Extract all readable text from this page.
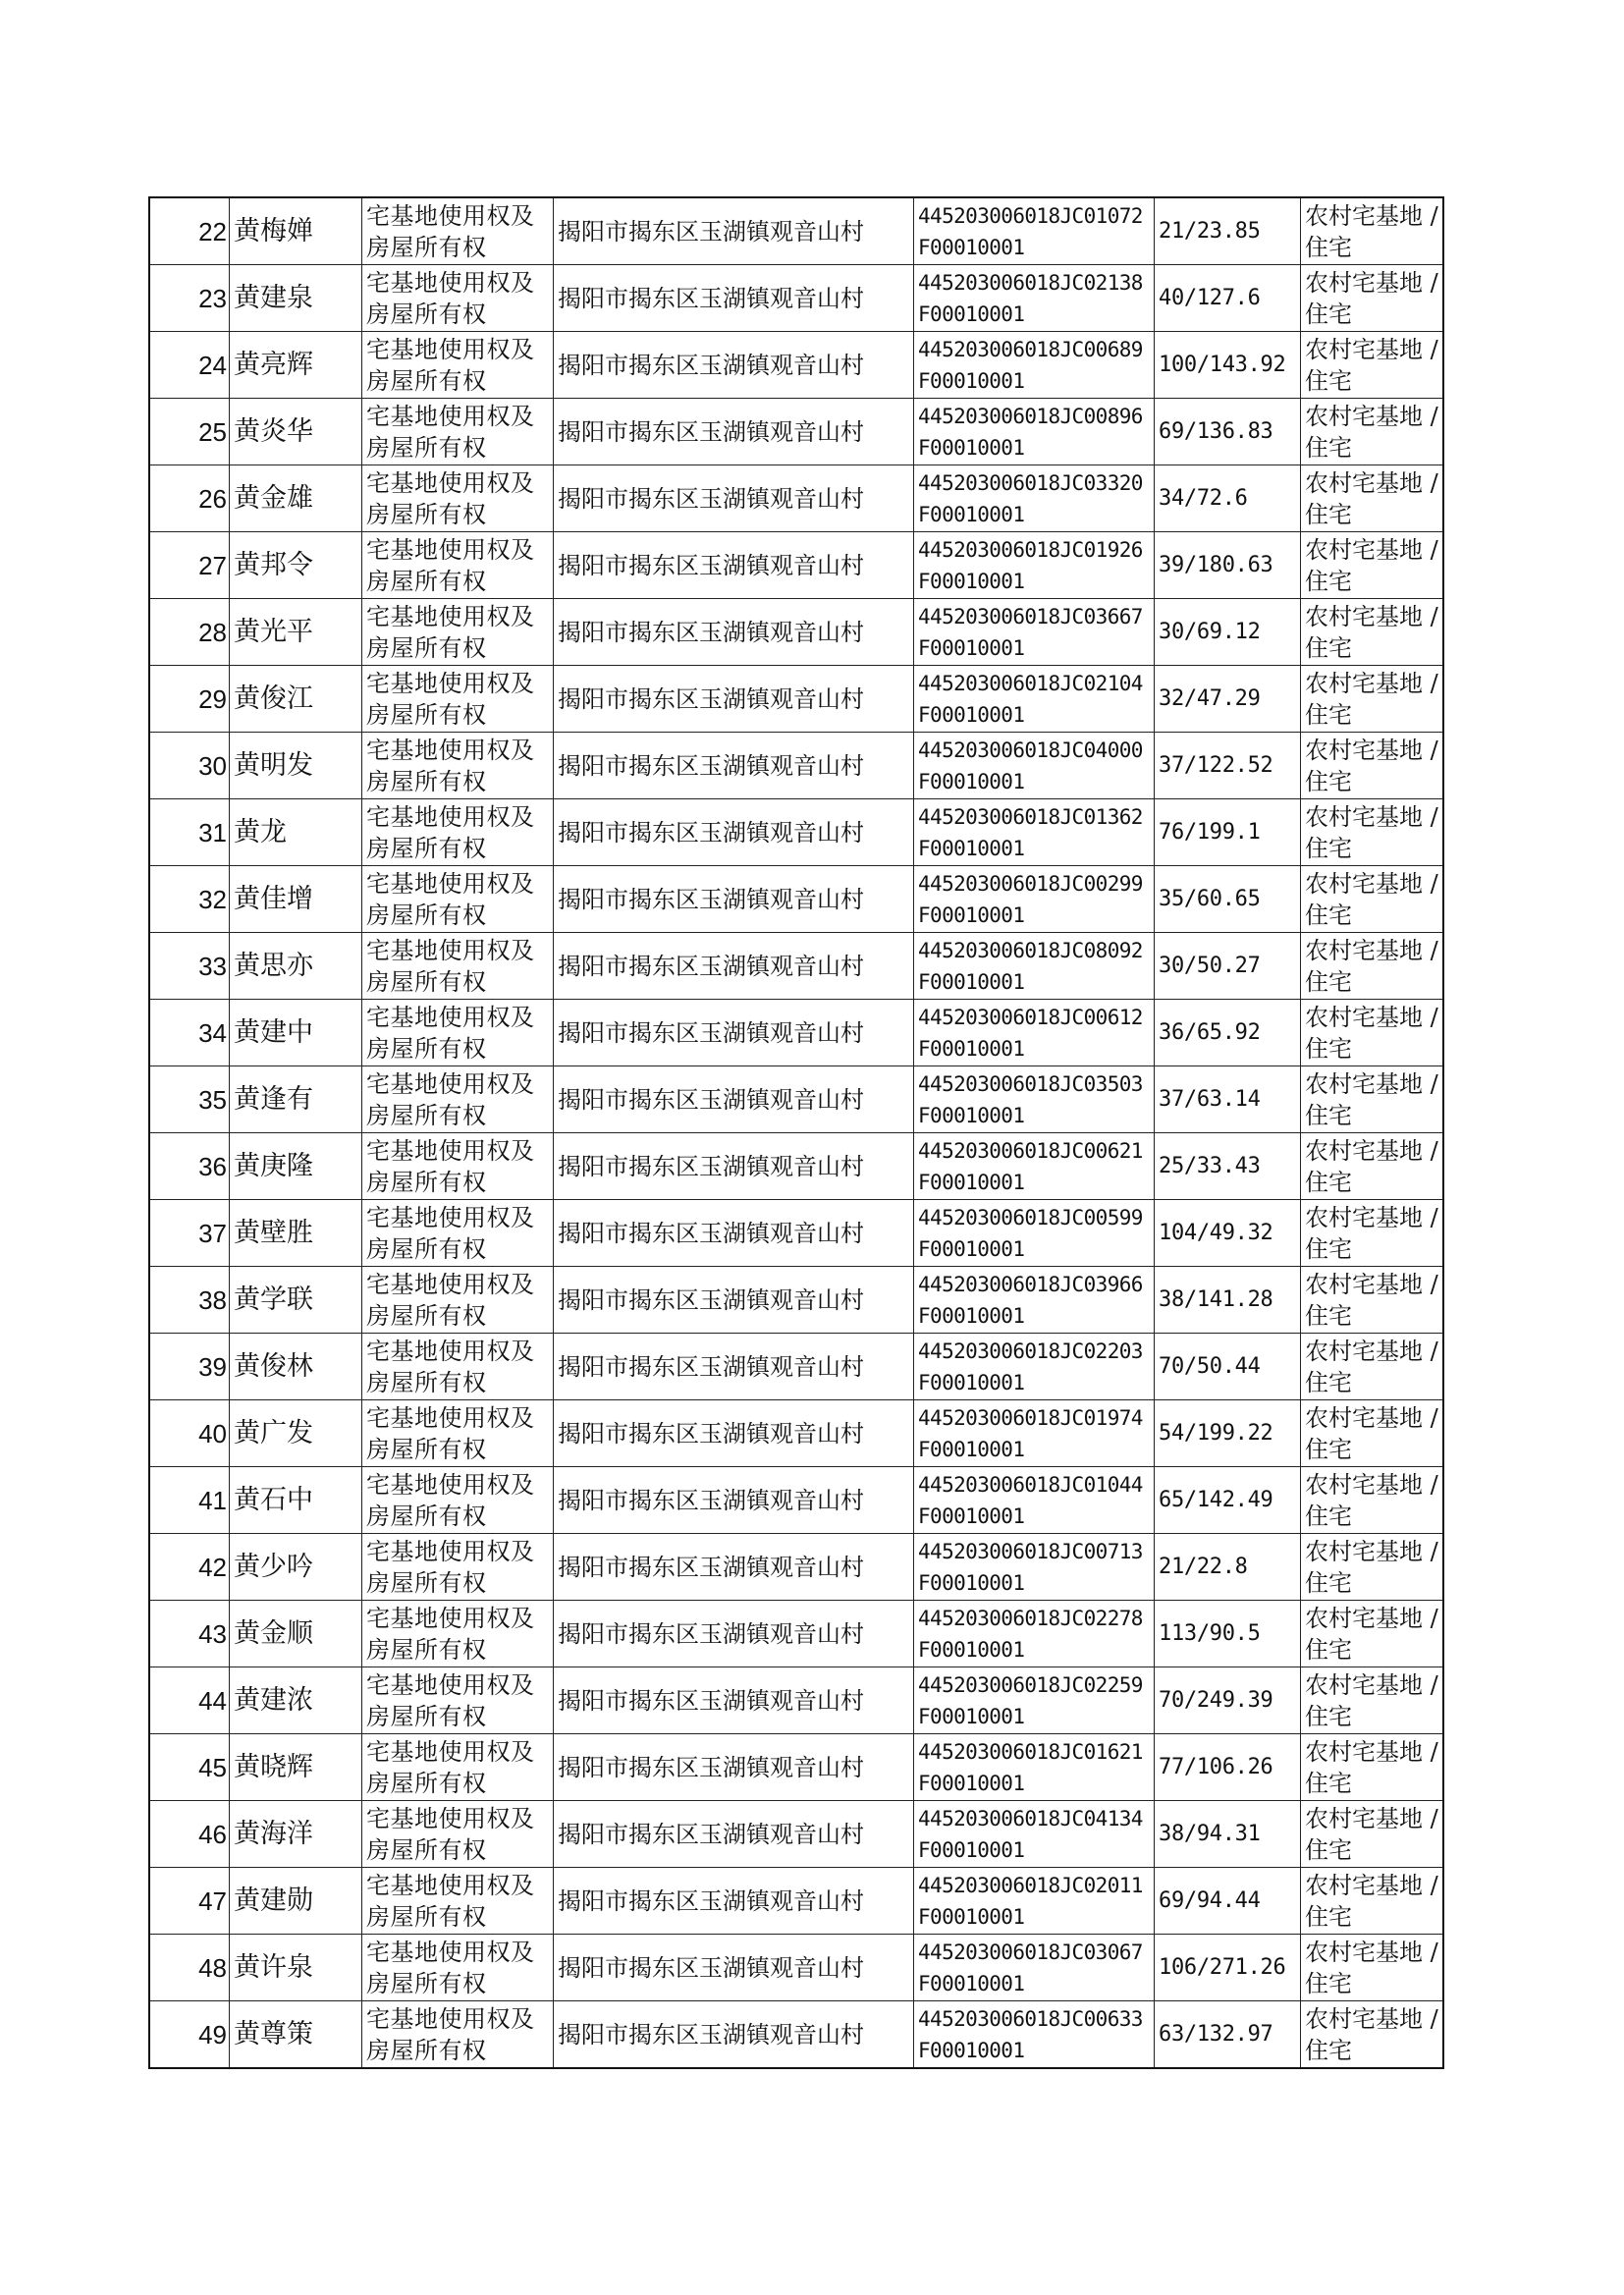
22	黄梅婵	宅基地使用权及房屋所有权	揭阳市揭东区玉湖镇观音山村	445203006018JC01072F00010001	21/23.85	农村宅基地 / 住宅
23	黄建泉	宅基地使用权及房屋所有权	揭阳市揭东区玉湖镇观音山村	445203006018JC02138F00010001	40/127.6	农村宅基地 / 住宅
24	黄亮辉	宅基地使用权及房屋所有权	揭阳市揭东区玉湖镇观音山村	445203006018JC00689F00010001	100/143.92	农村宅基地 / 住宅
25	黄炎华	宅基地使用权及房屋所有权	揭阳市揭东区玉湖镇观音山村	445203006018JC00896F00010001	69/136.83	农村宅基地 / 住宅
26	黄金雄	宅基地使用权及房屋所有权	揭阳市揭东区玉湖镇观音山村	445203006018JC03320F00010001	34/72.6	农村宅基地 / 住宅
27	黄邦令	宅基地使用权及房屋所有权	揭阳市揭东区玉湖镇观音山村	445203006018JC01926F00010001	39/180.63	农村宅基地 / 住宅
28	黄光平	宅基地使用权及房屋所有权	揭阳市揭东区玉湖镇观音山村	445203006018JC03667F00010001	30/69.12	农村宅基地 / 住宅
29	黄俊江	宅基地使用权及房屋所有权	揭阳市揭东区玉湖镇观音山村	445203006018JC02104F00010001	32/47.29	农村宅基地 / 住宅
30	黄明发	宅基地使用权及房屋所有权	揭阳市揭东区玉湖镇观音山村	445203006018JC04000F00010001	37/122.52	农村宅基地 / 住宅
31	黄龙	宅基地使用权及房屋所有权	揭阳市揭东区玉湖镇观音山村	445203006018JC01362F00010001	76/199.1	农村宅基地 / 住宅
32	黄佳增	宅基地使用权及房屋所有权	揭阳市揭东区玉湖镇观音山村	445203006018JC00299F00010001	35/60.65	农村宅基地 / 住宅
33	黄思亦	宅基地使用权及房屋所有权	揭阳市揭东区玉湖镇观音山村	445203006018JC08092F00010001	30/50.27	农村宅基地 / 住宅
34	黄建中	宅基地使用权及房屋所有权	揭阳市揭东区玉湖镇观音山村	445203006018JC00612F00010001	36/65.92	农村宅基地 / 住宅
35	黄逢有	宅基地使用权及房屋所有权	揭阳市揭东区玉湖镇观音山村	445203006018JC03503F00010001	37/63.14	农村宅基地 / 住宅
36	黄庚隆	宅基地使用权及房屋所有权	揭阳市揭东区玉湖镇观音山村	445203006018JC00621F00010001	25/33.43	农村宅基地 / 住宅
37	黄壁胜	宅基地使用权及房屋所有权	揭阳市揭东区玉湖镇观音山村	445203006018JC00599F00010001	104/49.32	农村宅基地 / 住宅
38	黄学联	宅基地使用权及房屋所有权	揭阳市揭东区玉湖镇观音山村	445203006018JC03966F00010001	38/141.28	农村宅基地 / 住宅
39	黄俊林	宅基地使用权及房屋所有权	揭阳市揭东区玉湖镇观音山村	445203006018JC02203F00010001	70/50.44	农村宅基地 / 住宅
40	黄广发	宅基地使用权及房屋所有权	揭阳市揭东区玉湖镇观音山村	445203006018JC01974F00010001	54/199.22	农村宅基地 / 住宅
41	黄石中	宅基地使用权及房屋所有权	揭阳市揭东区玉湖镇观音山村	445203006018JC01044F00010001	65/142.49	农村宅基地 / 住宅
42	黄少吟	宅基地使用权及房屋所有权	揭阳市揭东区玉湖镇观音山村	445203006018JC00713F00010001	21/22.8	农村宅基地 / 住宅
43	黄金顺	宅基地使用权及房屋所有权	揭阳市揭东区玉湖镇观音山村	445203006018JC02278F00010001	113/90.5	农村宅基地 / 住宅
44	黄建浓	宅基地使用权及房屋所有权	揭阳市揭东区玉湖镇观音山村	445203006018JC02259F00010001	70/249.39	农村宅基地 / 住宅
45	黄晓辉	宅基地使用权及房屋所有权	揭阳市揭东区玉湖镇观音山村	445203006018JC01621F00010001	77/106.26	农村宅基地 / 住宅
46	黄海洋	宅基地使用权及房屋所有权	揭阳市揭东区玉湖镇观音山村	445203006018JC04134F00010001	38/94.31	农村宅基地 / 住宅
47	黄建勋	宅基地使用权及房屋所有权	揭阳市揭东区玉湖镇观音山村	445203006018JC02011F00010001	69/94.44	农村宅基地 / 住宅
48	黄许泉	宅基地使用权及房屋所有权	揭阳市揭东区玉湖镇观音山村	445203006018JC03067F00010001	106/271.26	农村宅基地 / 住宅
49	黄尊策	宅基地使用权及房屋所有权	揭阳市揭东区玉湖镇观音山村	445203006018JC00633F00010001	63/132.97	农村宅基地 / 住宅
